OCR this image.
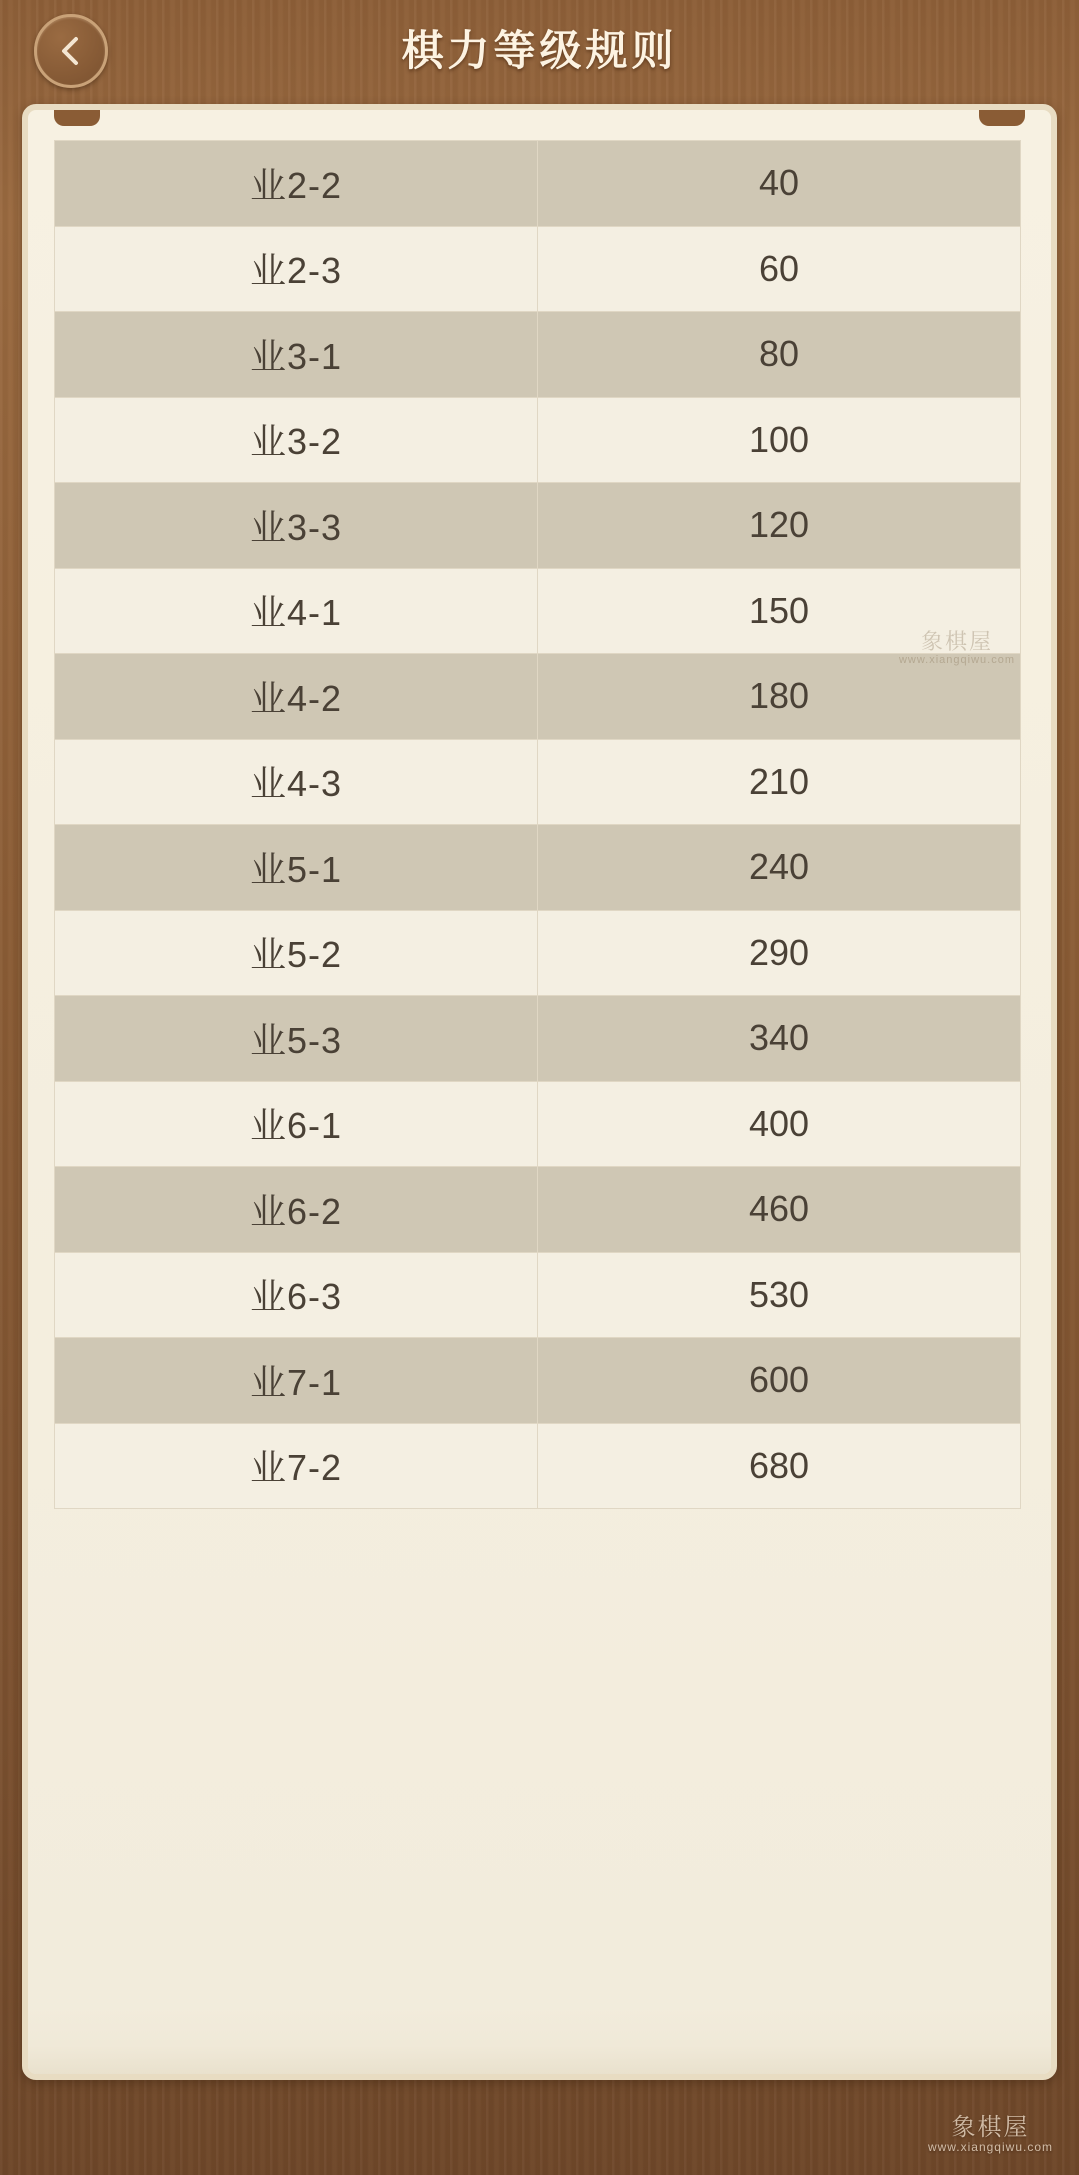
棋力等级规则
业2-2	40
业2-3	60
业3-1	80
业3-2	100
业3-3	120
业4-1	150
业4-2	180
业4-3	210
业5-1	240
业5-2	290
业5-3	340
业6-1	400
业6-2	460
业6-3	530
业7-1	600
业7-2	680
象棋屋
www.xiangqiwu.com
象棋屋
www.xiangqiwu.com
